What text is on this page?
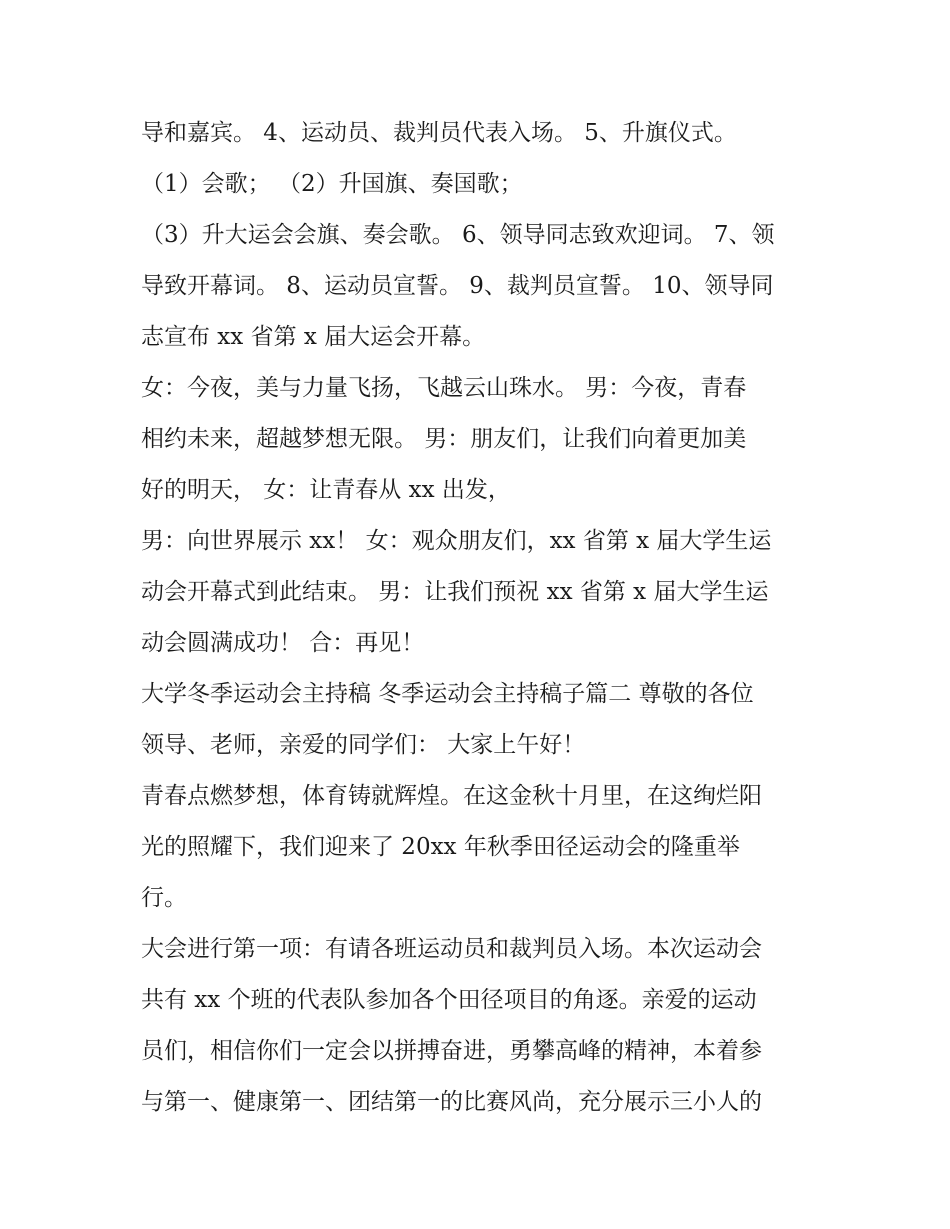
导和嘉宾。 4、运动员、裁判员代表入场。 5、升旗仪式。
（1）会歌； （2）升国旗、奏国歌；
（3）升大运会会旗、奏会歌。 6、领导同志致欢迎词。 7、领
导致开幕词。 8、运动员宣誓。 9、裁判员宣誓。 10、领导同
志宣布 xx 省第 x 届大运会开幕。
女：今夜，美与力量飞扬，飞越云山珠水。 男：今夜，青春
相约未来，超越梦想无限。 男：朋友们，让我们向着更加美
好的明天， 女：让青春从 xx 出发，
男：向世界展示 xx！ 女：观众朋友们，xx 省第 x 届大学生运
动会开幕式到此结束。 男：让我们预祝 xx 省第 x 届大学生运
动会圆满成功！ 合：再见！
大学冬季运动会主持稿 冬季运动会主持稿子篇二 尊敬的各位
领导、老师，亲爱的同学们： 大家上午好！
青春点燃梦想，体育铸就辉煌。在这金秋十月里，在这绚烂阳
光的照耀下，我们迎来了 20xx 年秋季田径运动会的隆重举
行。
大会进行第一项：有请各班运动员和裁判员入场。本次运动会
共有 xx 个班的代表队参加各个田径项目的角逐。亲爱的运动
员们，相信你们一定会以拼搏奋进，勇攀高峰的精神，本着参
与第一、健康第一、团结第一的比赛风尚，充分展示三小人的
